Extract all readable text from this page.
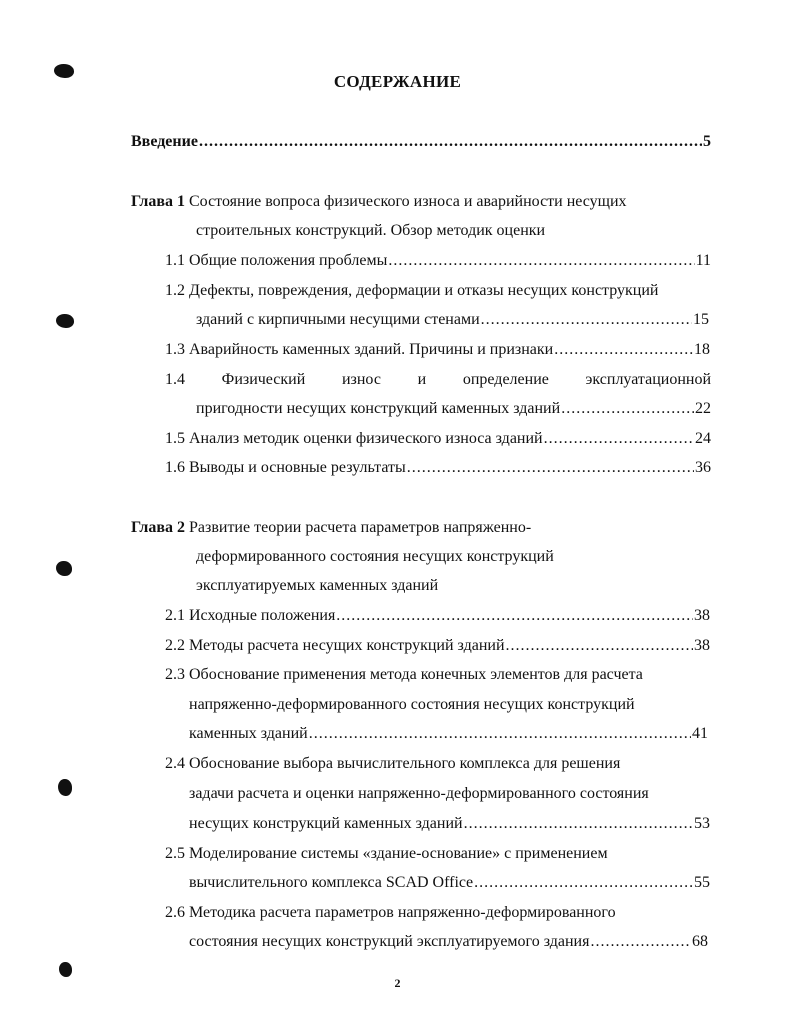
СОДЕРЖАНИЕ
Введение .....	5
Глава 1 Состояние вопроса физического износа и аварийности несущих
строительных конструкций. Обзор методик оценки
1.1 Общие положения проблемы .....	11
1.2 Дефекты, повреждения, деформации и отказы несущих конструкций
зданий с кирпичными несущими стенами .....	15
1.3 Аварийность каменных зданий. Причины и признаки .....	18
1.4 Физический износ и определение эксплуатационной
пригодности несущих конструкций каменных зданий .....	22
1.5 Анализ методик оценки физического износа зданий .....	24
1.6 Выводы и основные результаты .....	36
Глава 2 Развитие теории расчета параметров напряженно-
деформированного состояния несущих конструкций
эксплуатируемых каменных зданий
2.1 Исходные положения .....	38
2.2 Методы расчета несущих конструкций зданий .....	38
2.3 Обоснование применения метода конечных элементов для расчета
напряженно-деформированного состояния несущих конструкций
каменных зданий .....	41
2.4 Обоснование выбора вычислительного комплекса для решения
задачи расчета и оценки напряженно-деформированного состояния
несущих конструкций каменных зданий .....	53
2.5 Моделирование системы «здание-основание» с применением
вычислительного комплекса SCAD Office .....	55
2.6 Методика расчета параметров напряженно-деформированного
состояния несущих конструкций эксплуатируемого здания .....	68
2
